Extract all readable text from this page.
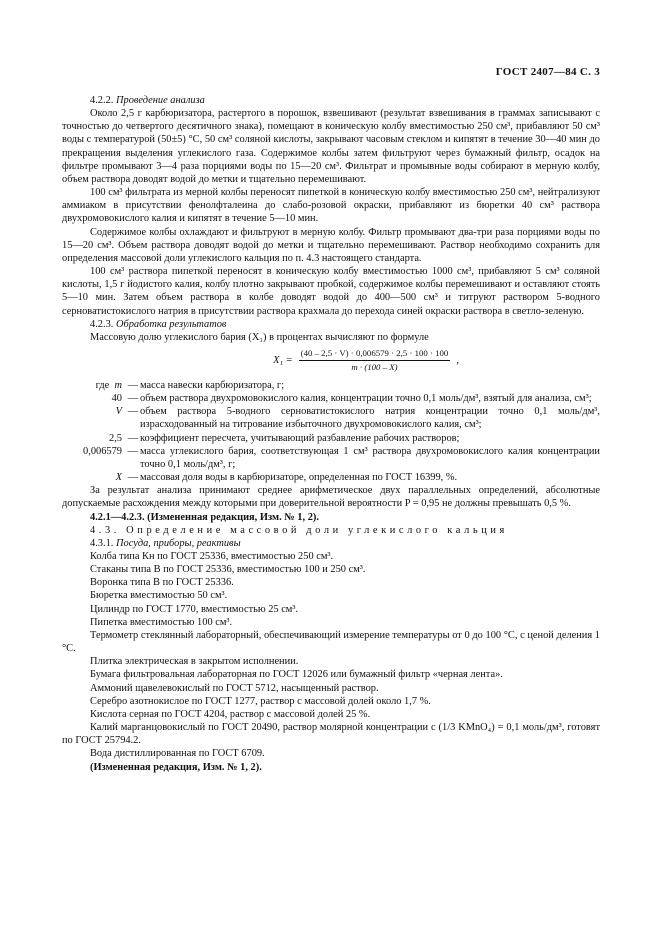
ГОСТ 2407—84 С. 3

4.2.2. Проведение анализа

Около 2,5 г карбюризатора, растертого в порошок, взвешивают (результат взвешивания в граммах записывают с точностью до четвертого десятичного знака), помещают в коническую колбу вместимостью 250 см³, прибавляют 50 см³ воды с температурой (50±5) °С, 50 см³ соляной кислоты, закрывают часовым стеклом и кипятят в течение 30—40 мин до прекращения выделения углекислого газа. Содержимое колбы затем фильтруют через бумажный фильтр, осадок на фильтре промывают 3—4 раза порциями воды по 15—20 см³. Фильтрат и промывные воды собирают в мерную колбу, объем раствора доводят водой до метки и тщательно перемешивают.

100 см³ фильтрата из мерной колбы переносят пипеткой в коническую колбу вместимостью 250 см³, нейтрализуют аммиаком в присутствии фенолфталеина до слабо-розовой окраски, прибавляют из бюретки 40 см³ раствора двухромовокислого калия и кипятят в течение 5—10 мин.

Содержимое колбы охлаждают и фильтруют в мерную колбу. Фильтр промывают два-три раза порциями воды по 15—20 см³. Объем раствора доводят водой до метки и тщательно перемешивают. Раствор необходимо сохранить для определения массовой доли углекислого кальция по п. 4.3 настоящего стандарта.

100 см³ раствора пипеткой переносят в коническую колбу вместимостью 1000 см³, прибавляют 5 см³ соляной кислоты, 1,5 г йодистого калия, колбу плотно закрывают пробкой, содержимое колбы перемешивают и оставляют стоять 5—10 мин. Затем объем раствора в колбе доводят водой до 400—500 см³ и титруют раствором 5-водного серноватистокислого натрия в присутствии раствора крахмала до перехода синей окраски раствора в светло-зеленую.

4.2.3. Обработка результатов

Массовую долю углекислого бария (X₁) в процентах вычисляют по формуле

$X_1 = \frac{(40 - 2,5 \cdot V) \cdot 0,006579 \cdot 2,5 \cdot 100 \cdot 100}{m \cdot (100 - X)}$ ,
где m — масса навески карбюризатора, г;
40 — объем раствора двухромовокислого калия, концентрации точно 0,1 моль/дм³, взятый для анализа, см³;
V — объем раствора 5-водного серноватистокислого натрия концентрации точно 0,1 моль/дм³, израсходованный на титрование избыточного двухромовокислого калия, см³;
2,5 — коэффициент пересчета, учитывающий разбавление рабочих растворов;
0,006579 — масса углекислого бария, соответствующая 1 см³ раствора двухромовокислого калия концентрации точно 0,1 моль/дм³, г;
X — массовая доля воды в карбюризаторе, определенная по ГОСТ 16399, %.

За результат анализа принимают среднее арифметическое двух параллельных определений, абсолютные допускаемые расхождения между которыми при доверительной вероятности P = 0,95 не должны превышать 0,5 %.

4.2.1—4.2.3. (Измененная редакция, Изм. № 1, 2).

4.3. Определение массовой доли углекислого кальция

4.3.1. Посуда, приборы, реактивы

Колба типа Кн по ГОСТ 25336, вместимостью 250 см³.

Стаканы типа В по ГОСТ 25336, вместимостью 100 и 250 см³.

Воронка типа В по ГОСТ 25336.

Бюретка вместимостью 50 см³.

Цилиндр по ГОСТ 1770, вместимостью 25 см³.

Пипетка вместимостью 100 см³.

Термометр стеклянный лабораторный, обеспечивающий измерение температуры от 0 до 100 °С, с ценой деления 1 °С.

Плитка электрическая в закрытом исполнении.

Бумага фильтровальная лабораторная по ГОСТ 12026 или бумажный фильтр «черная лента».

Аммоний щавелевокислый по ГОСТ 5712, насыщенный раствор.

Серебро азотнокислое по ГОСТ 1277, раствор с массовой долей около 1,7 %.

Кислота серная по ГОСТ 4204, раствор с массовой долей 25 %.

Калий марганцовокислый по ГОСТ 20490, раствор молярной концентрации c (1/3 KMnO₄) = 0,1 моль/дм³, готовят по ГОСТ 25794.2.

Вода дистиллированная по ГОСТ 6709.

(Измененная редакция, Изм. № 1, 2).
